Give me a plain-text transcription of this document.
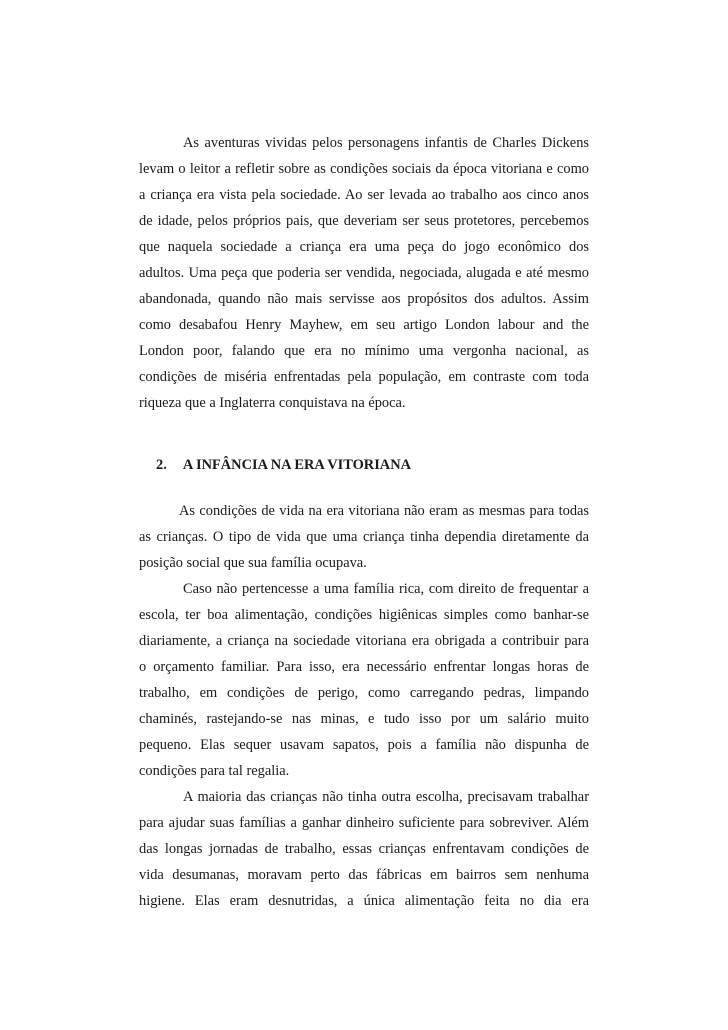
As aventuras vividas pelos personagens infantis de Charles Dickens
levam o leitor a refletir sobre as condições sociais da época vitoriana e como
a criança era vista pela sociedade. Ao ser levada ao trabalho aos cinco anos
de idade, pelos próprios pais, que deveriam ser seus protetores, percebemos
que naquela sociedade a criança era uma peça do jogo econômico dos
adultos. Uma peça que poderia ser vendida, negociada, alugada e até mesmo
abandonada, quando não mais servisse aos propósitos dos adultos. Assim
como desabafou Henry Mayhew, em seu artigo London labour and the
London poor, falando que era no mínimo uma vergonha nacional, as
condições de miséria enfrentadas pela população, em contraste com toda
riqueza que a Inglaterra conquistava na época.
2. A INFÂNCIA NA ERA VITORIANA
As condições de vida na era vitoriana não eram as mesmas para todas
as crianças. O tipo de vida que uma criança tinha dependia diretamente da
posição social que sua família ocupava.
Caso não pertencesse a uma família rica, com direito de frequentar a
escola, ter boa alimentação, condições higiênicas simples como banhar-se
diariamente, a criança na sociedade vitoriana era obrigada a contribuir para
o orçamento familiar. Para isso, era necessário enfrentar longas horas de
trabalho, em condições de perigo, como carregando pedras, limpando
chaminés, rastejando-se nas minas, e tudo isso por um salário muito
pequeno. Elas sequer usavam sapatos, pois a família não dispunha de
condições para tal regalia.
A maioria das crianças não tinha outra escolha, precisavam trabalhar
para ajudar suas famílias a ganhar dinheiro suficiente para sobreviver. Além
das longas jornadas de trabalho, essas crianças enfrentavam condições de
vida desumanas, moravam perto das fábricas em bairros sem nenhuma
higiene. Elas eram desnutridas, a única alimentação feita no dia era
